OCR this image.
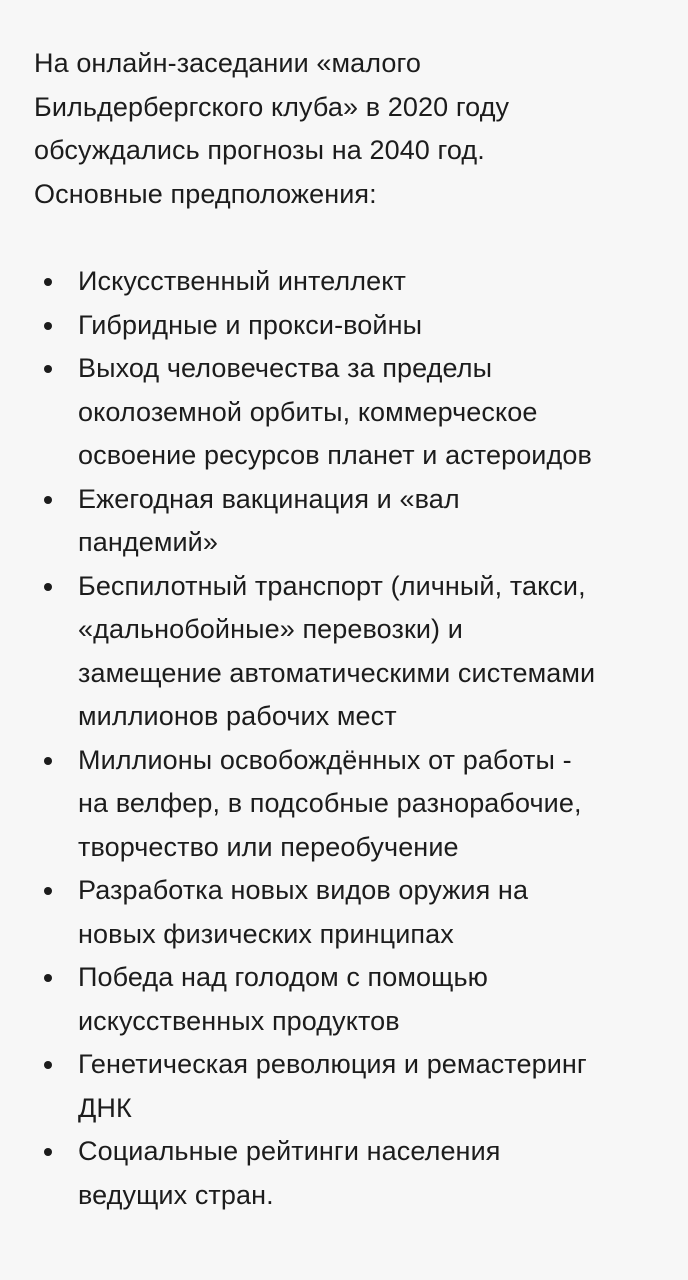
На онлайн-заседании «малого
Бильдербергского клуба» в 2020 году
обсуждались прогнозы на 2040 год.
Основные предположения:

Искусственный интеллект
Гибридные и прокси-войны
Выход человечества за пределы
околоземной орбиты, коммерческое
освоение ресурсов планет и астероидов
Ежегодная вакцинация и «вал
пандемий»
Беспилотный транспорт (личный, такси,
«дальнобойные» перевозки) и
замещение автоматическими системами
миллионов рабочих мест
Миллионы освобождённых от работы -
на велфер, в подсобные разнорабочие,
творчество или переобучение
Разработка новых видов оружия на
новых физических принципах
Победа над голодом с помощью
искусственных продуктов
Генетическая революция и ремастеринг
ДНК
Социальные рейтинги населения
ведущих стран.
